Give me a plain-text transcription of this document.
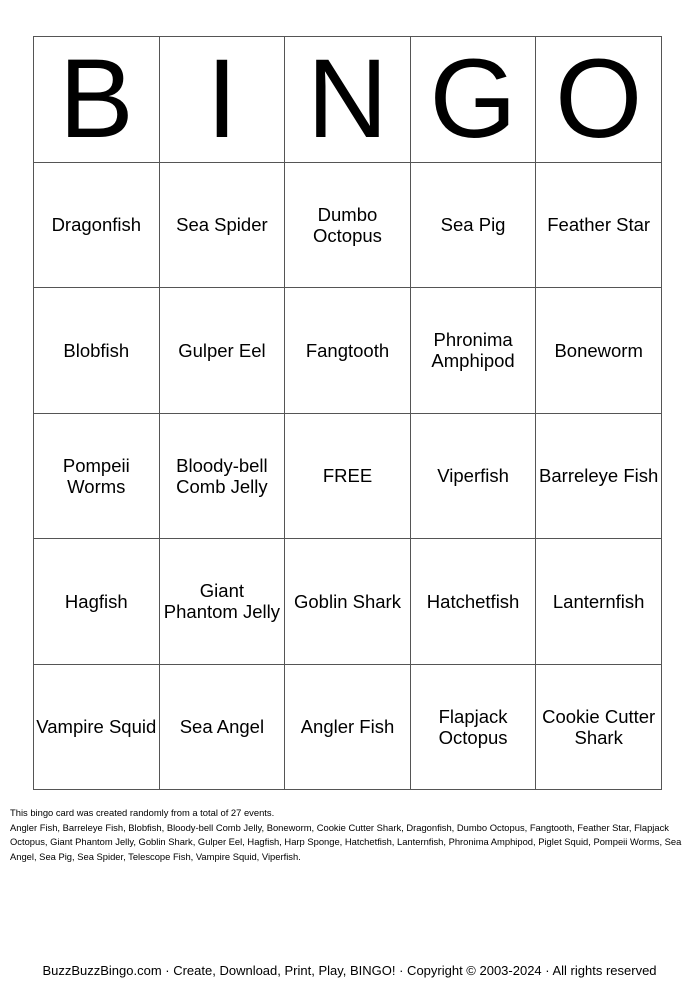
B	I	N	G	O
Dragonfish	Sea Spider	Dumbo Octopus	Sea Pig	Feather Star
Blobfish	Gulper Eel	Fangtooth	Phronima Amphipod	Boneworm
Pompeii Worms	Bloody-bell Comb Jelly	FREE	Viperfish	Barreleye Fish
Hagfish	Giant Phantom Jelly	Goblin Shark	Hatchetfish	Lanternfish
Vampire Squid	Sea Angel	Angler Fish	Flapjack Octopus	Cookie Cutter Shark
This bingo card was created randomly from a total of 27 events.
Angler Fish, Barreleye Fish, Blobfish, Bloody-bell Comb Jelly, Boneworm, Cookie Cutter Shark, Dragonfish, Dumbo Octopus, Fangtooth, Feather Star, Flapjack Octopus, Giant Phantom Jelly, Goblin Shark, Gulper Eel, Hagfish, Harp Sponge, Hatchetfish, Lanternfish, Phronima Amphipod, Piglet Squid, Pompeii Worms, Sea Angel, Sea Pig, Sea Spider, Telescope Fish, Vampire Squid, Viperfish.
BuzzBuzzBingo.com · Create, Download, Print, Play, BINGO! · Copyright © 2003-2024 · All rights reserved
